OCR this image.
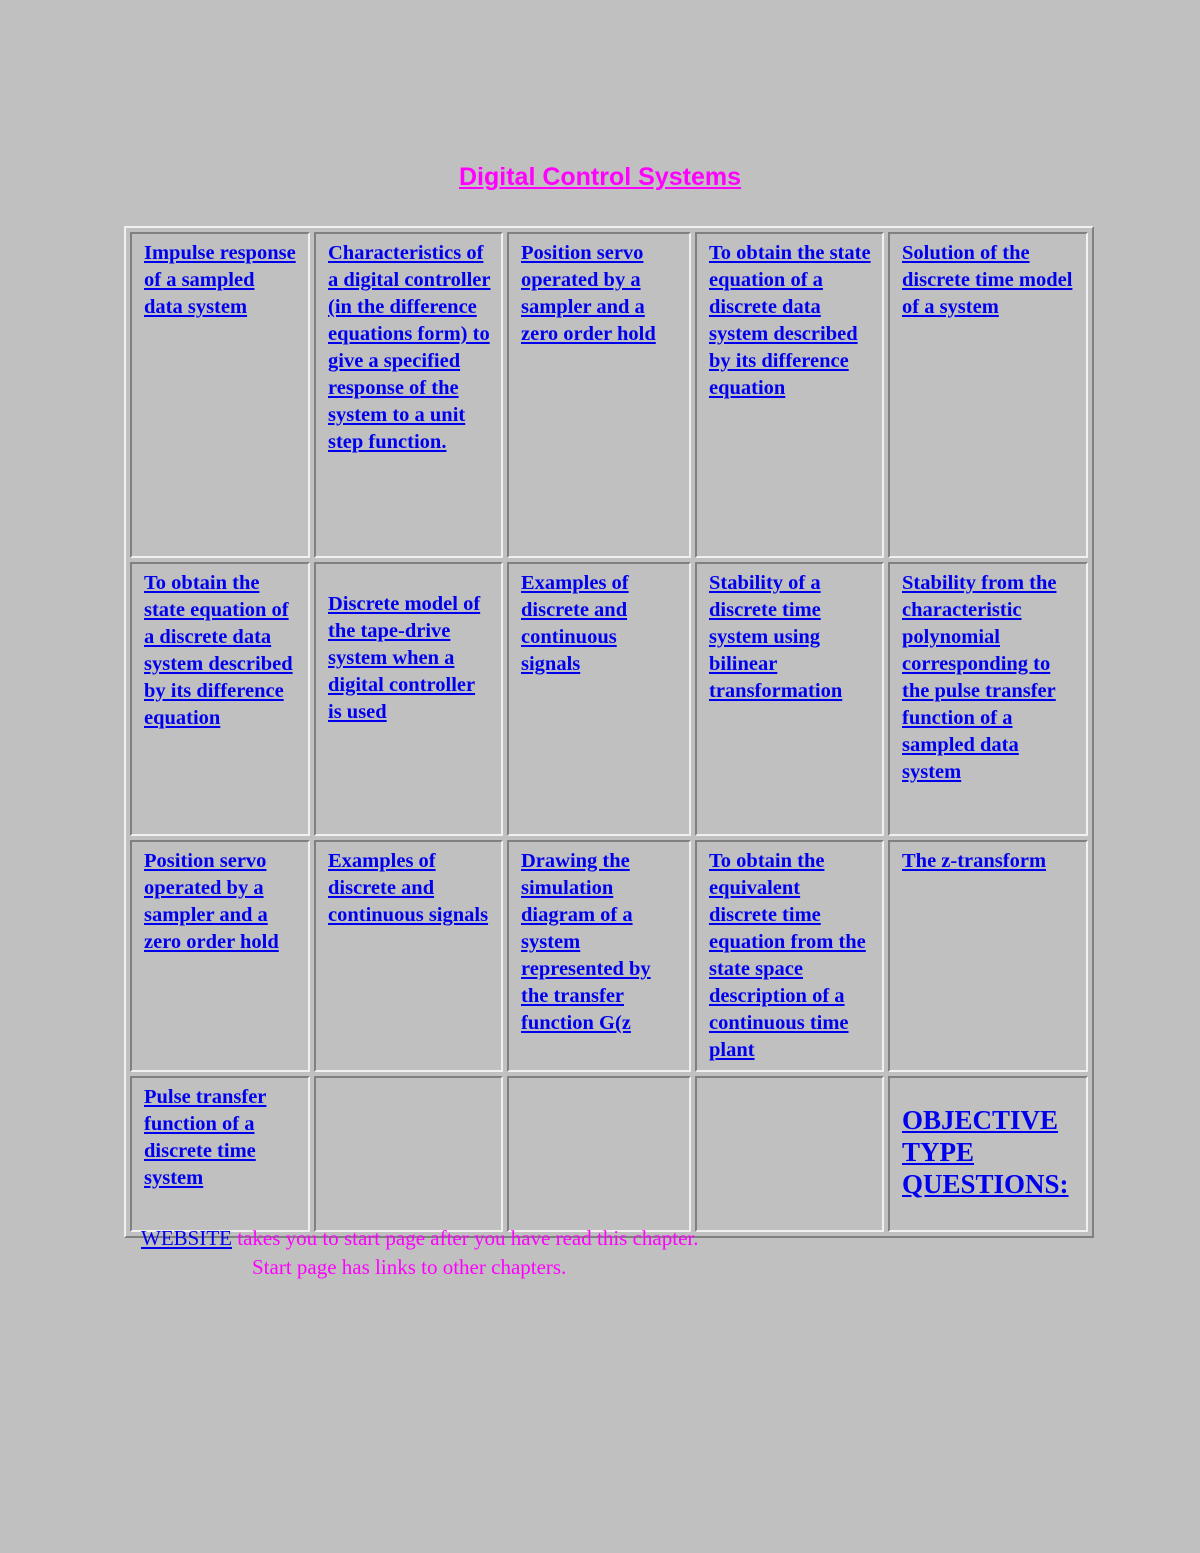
Digital Control Systems
Impulse response of a sampled data system	Characteristics of a digital controller (in the difference equations form) to give a specified response of the system to a unit step function.	Position servo operated by a sampler and a zero order hold	To obtain the state equation of a discrete data system described by its difference equation	Solution of the discrete time model of a system
To obtain the state equation of a discrete data system described by its difference equation	Discrete model of the tape-drive system when a digital controller is used	Examples of discrete and continuous signals	Stability of a discrete time system using bilinear transformation	Stability from the characteristic polynomial corresponding to the pulse transfer function of a sampled data system
Position servo operated by a sampler and a zero order hold	Examples of discrete and continuous signals	Drawing the simulation diagram of a system represented by the transfer function G(z	To obtain the equivalent discrete time equation from the state space description of a continuous time plant	The z-transform
Pulse transfer function of a discrete time system				OBJECTIVE TYPE QUESTIONS:
WEBSITE takes you to start page after you have read this chapter.
Start page has links to other chapters.
